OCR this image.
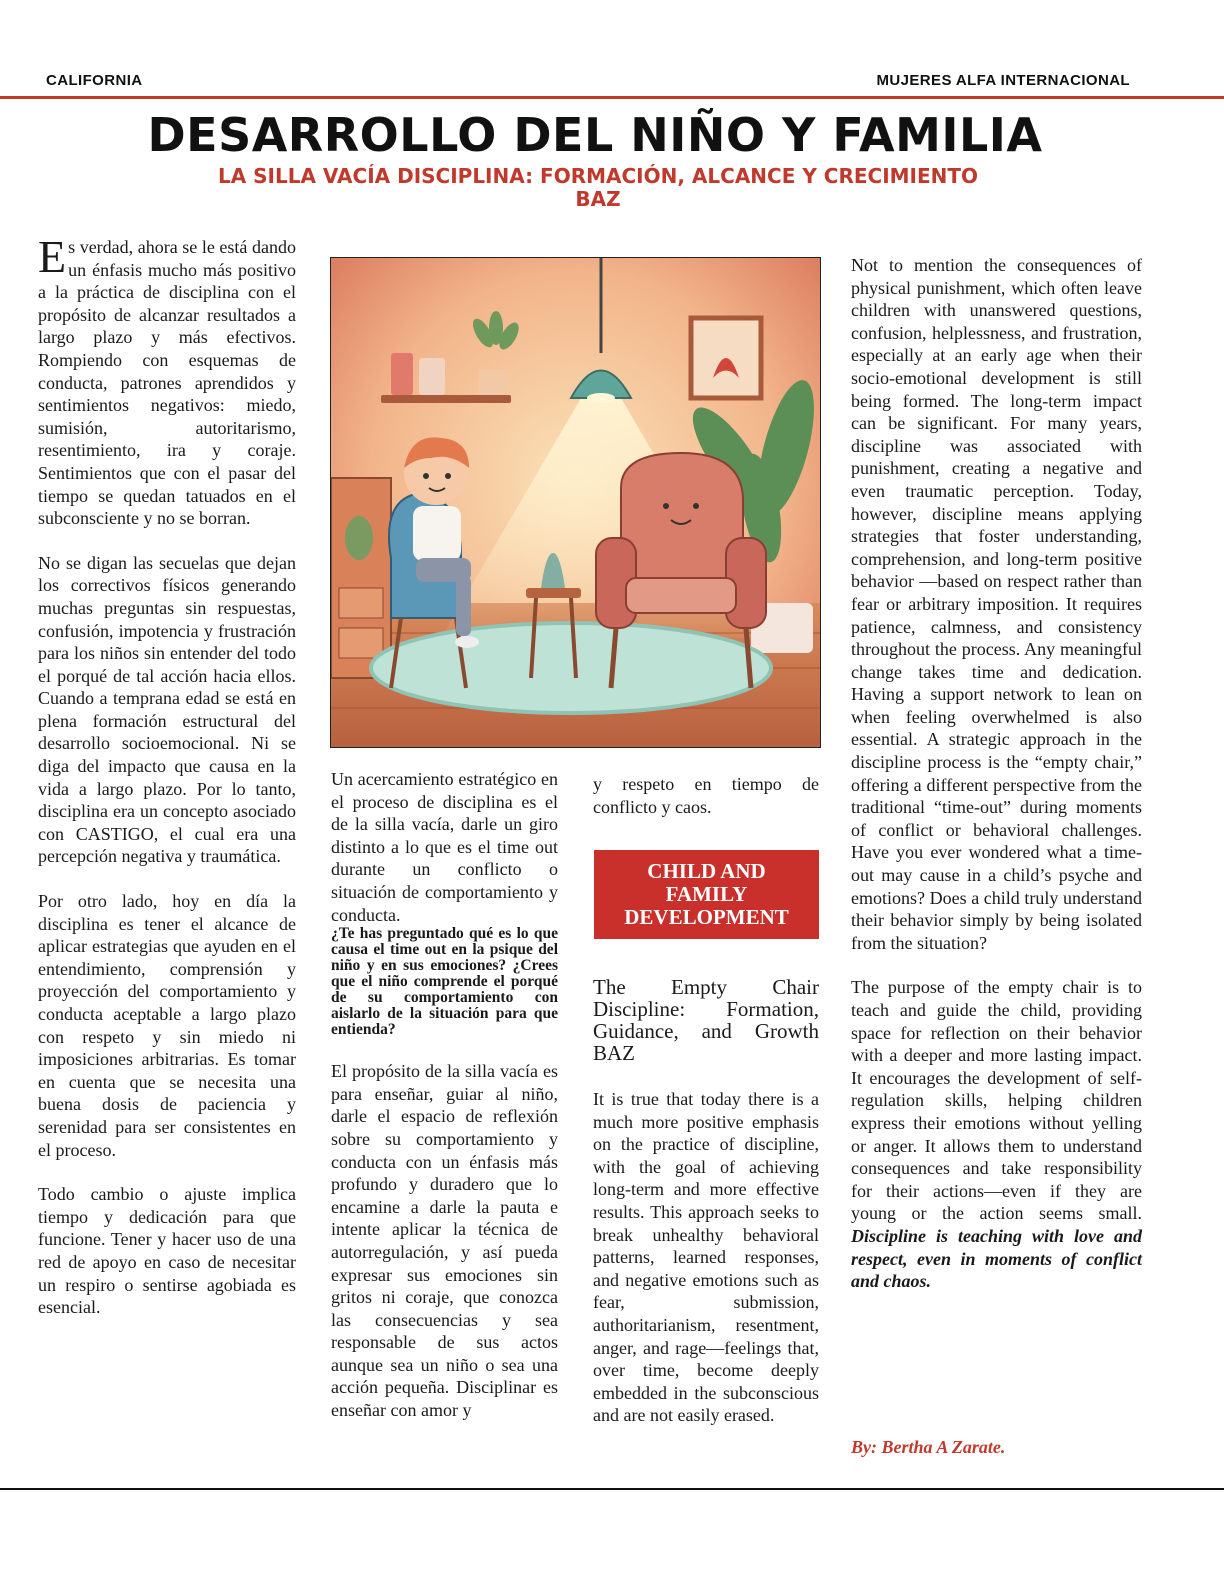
CALIFORNIA	MUJERES ALFA INTERNACIONAL
DESARROLLO DEL NIÑO Y FAMILIA
LA SILLA VACÍA DISCIPLINA: FORMACIÓN, ALCANCE Y CRECIMIENTO
BAZ

Es verdad, ahora se le está dando un énfasis mucho más positivo a la práctica de disciplina con el propósito de alcanzar resultados a largo plazo y más efectivos. Rompiendo con esquemas de conducta, patrones aprendidos y sentimientos negativos: miedo, sumisión, autoritarismo, resentimiento, ira y coraje. Sentimientos que con el pasar del tiempo se quedan tatuados en el subconsciente y no se borran.

No se digan las secuelas que dejan los correctivos físicos generando muchas preguntas sin respuestas, confusión, impotencia y frustración para los niños sin entender del todo el porqué de tal acción hacia ellos. Cuando a temprana edad se está en plena formación estructural del desarrollo socioemocional. Ni se diga del impacto que causa en la vida a largo plazo. Por lo tanto, disciplina era un concepto asociado con CASTIGO, el cual era una percepción negativa y traumática.

Por otro lado, hoy en día la disciplina es tener el alcance de aplicar estrategias que ayuden en el entendimiento, comprensión y proyección del comportamiento y conducta aceptable a largo plazo con respeto y sin miedo ni imposiciones arbitrarias. Es tomar en cuenta que se necesita una buena dosis de paciencia y serenidad para ser consistentes en el proceso.

Todo cambio o ajuste implica tiempo y dedicación para que funcione. Tener y hacer uso de una red de apoyo en caso de necesitar un respiro o sentirse agobiada es esencial.

Un acercamiento estratégico en el proceso de disciplina es el de la silla vacía, darle un giro distinto a lo que es el time out durante un conflicto o situación de comportamiento y conducta.

¿Te has preguntado qué es lo que causa el time out en la psique del niño y en sus emociones? ¿Crees que el niño comprende el porqué de su comportamiento con aislarlo de la situación para que entienda?

El propósito de la silla vacía es para enseñar, guiar al niño, darle el espacio de reflexión sobre su comportamiento y conducta con un énfasis más profundo y duradero que lo encamine a darle la pauta e intente aplicar la técnica de autorregulación, y así pueda expresar sus emociones sin gritos ni coraje, que conozca las consecuencias y sea responsable de sus actos aunque sea un niño o sea una acción pequeña. Disciplinar es enseñar con amor y

y respeto en tiempo de conflicto y caos.

CHILD AND
FAMILY
DEVELOPMENT
The Empty Chair
Discipline: Formation,
Guidance, and Growth
BAZ

It is true that today there is a much more positive emphasis on the practice of discipline, with the goal of achieving long-term and more effective results. This approach seeks to break unhealthy behavioral patterns, learned responses, and negative emotions such as fear, submission, authoritarianism, resentment, anger, and rage—feelings that, over time, become deeply embedded in the subconscious and are not easily erased.

Not to mention the consequences of physical punishment, which often leave children with unanswered questions, confusion, helplessness, and frustration, especially at an early age when their socio-emotional development is still being formed. The long-term impact can be significant. For many years, discipline was associated with punishment, creating a negative and even traumatic perception. Today, however, discipline means applying strategies that foster understanding, comprehension, and long-term positive behavior —based on respect rather than fear or arbitrary imposition. It requires patience, calmness, and consistency throughout the process. Any meaningful change takes time and dedication. Having a support network to lean on when feeling overwhelmed is also essential. A strategic approach in the discipline process is the “empty chair,” offering a different perspective from the traditional “time-out” during moments of conflict or behavioral challenges. Have you ever wondered what a time-out may cause in a child’s psyche and emotions? Does a child truly understand their behavior simply by being isolated from the situation?

The purpose of the empty chair is to teach and guide the child, providing space for reflection on their behavior with a deeper and more lasting impact. It encourages the development of self-regulation skills, helping children express their emotions without yelling or anger. It allows them to understand consequences and take responsibility for their actions—even if they are young or the action seems small. Discipline is teaching with love and respect, even in moments of conflict and chaos.

By: Bertha A Zarate.
